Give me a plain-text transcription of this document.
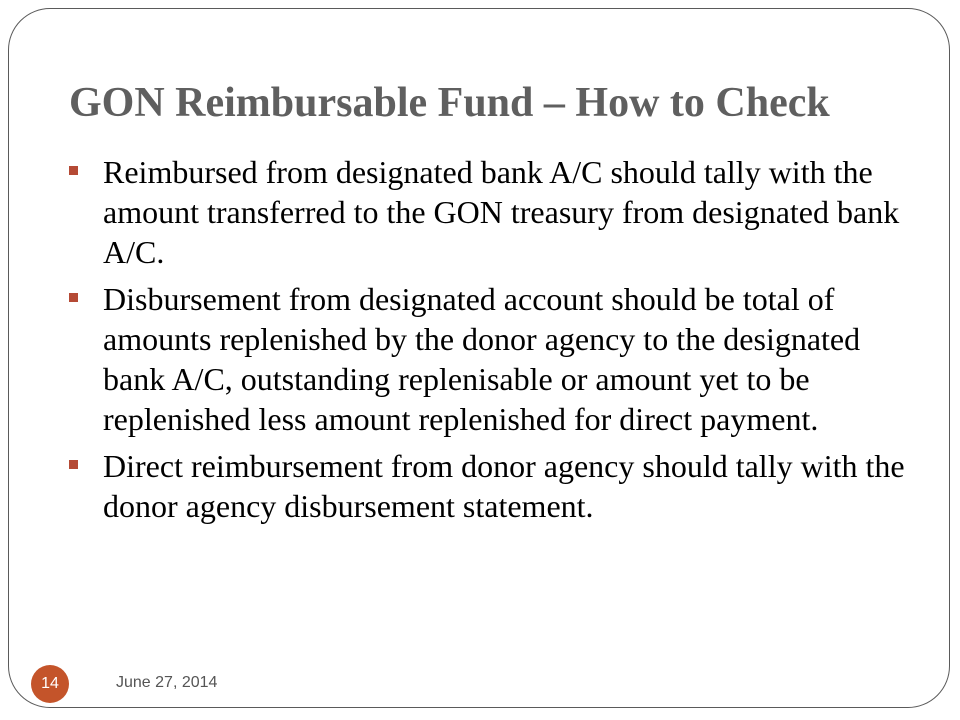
GON Reimbursable Fund – How to Check
Reimbursed from designated bank A/C should tally with the amount transferred to the GON treasury from designated bank A/C.
Disbursement from designated account should be total of amounts replenished by the donor agency to the designated bank A/C, outstanding replenisable or amount yet to be replenished less amount replenished for direct payment.
Direct reimbursement from donor agency should tally with the donor agency disbursement statement.
14	June 27, 2014
